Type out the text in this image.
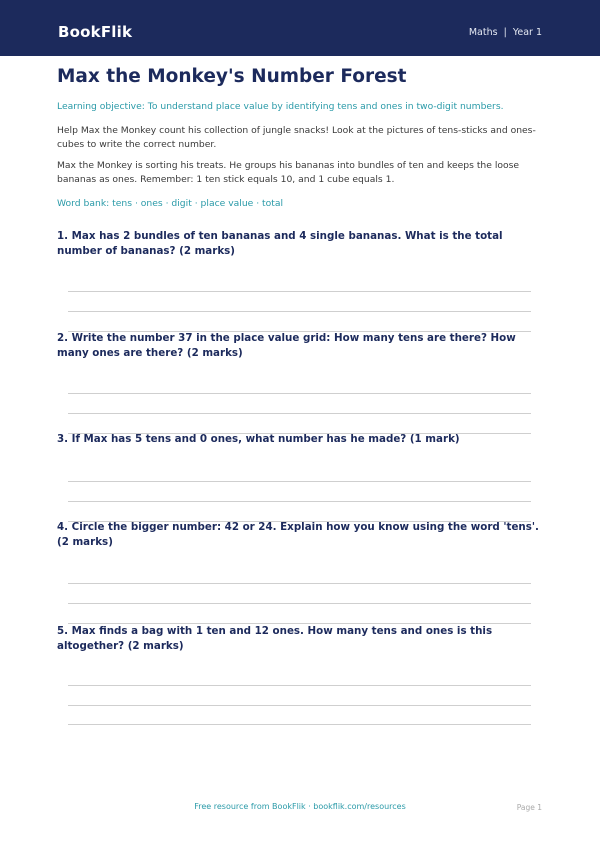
BookFlik	Maths  |  Year 1
Max the Monkey's Number Forest

Learning objective: To understand place value by identifying tens and ones in two-digit numbers.

Help Max the Monkey count his collection of jungle snacks! Look at the pictures of tens-sticks and ones-cubes to write the correct number.

Max the Monkey is sorting his treats. He groups his bananas into bundles of ten and keeps the loose bananas as ones. Remember: 1 ten stick equals 10, and 1 cube equals 1.

Word bank: tens · ones · digit · place value · total

1. Max has 2 bundles of ten bananas and 4 single bananas. What is the total number of bananas? (2 marks)

2. Write the number 37 in the place value grid: How many tens are there? How many ones are there? (2 marks)

3. If Max has 5 tens and 0 ones, what number has he made? (1 mark)

4. Circle the bigger number: 42 or 24. Explain how you know using the word 'tens'. (2 marks)

5. Max finds a bag with 1 ten and 12 ones. How many tens and ones is this altogether? (2 marks)

Free resource from BookFlik · bookflik.com/resources	Page 1
